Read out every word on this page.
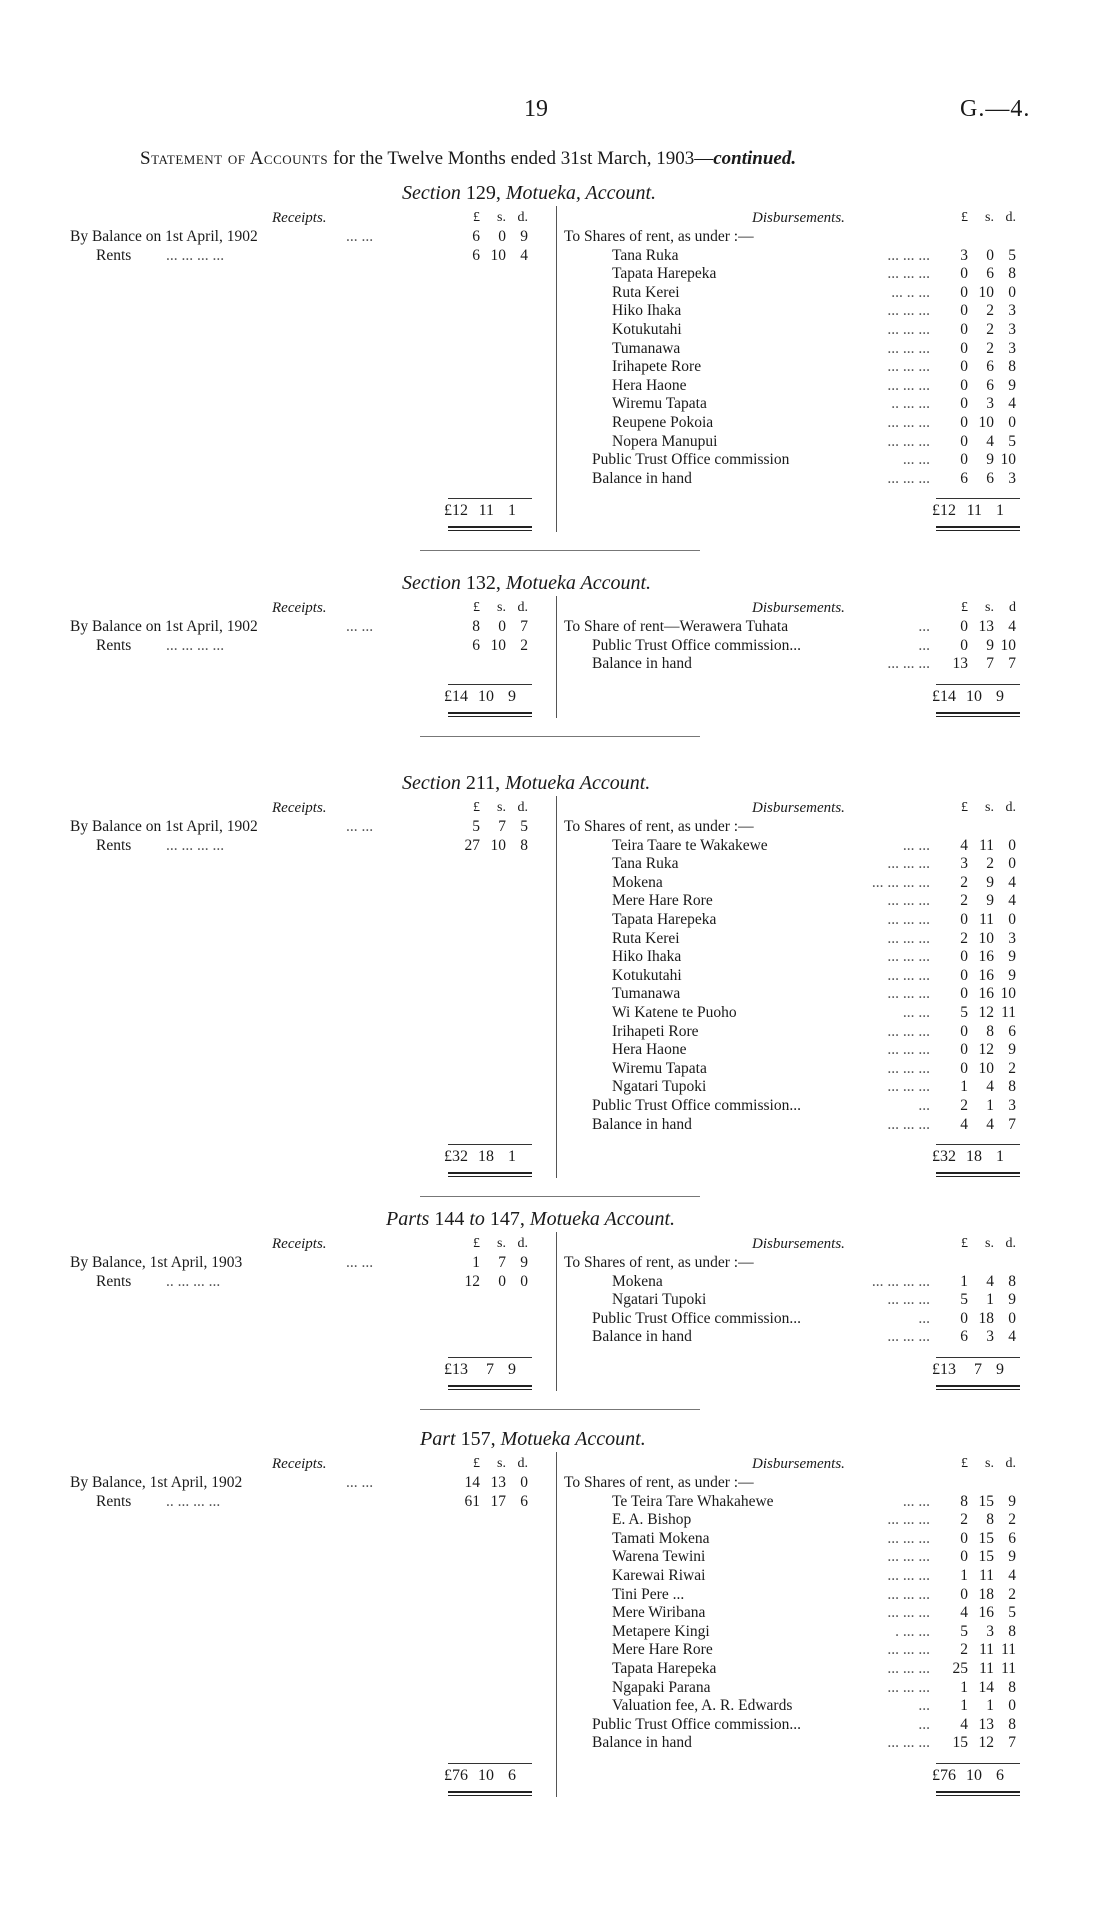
19	G.—4.
Statement of Accounts for the Twelve Months ended 31st March, 1903—continued.
Section 129, Motueka, Account.
Receipts.	Disbursements.
£ s. d.	£ s. d.
By Balance on 1st April, 1902	... ...	6 0 9
Rents ... ... ... ...	6 10 4
To Shares of rent, as under :—
Tana Ruka	... ... ...	3 0 5
Tapata Harepeka	... ... ...	0 6 8
Ruta Kerei	... .. ...	0 10 0
Hiko Ihaka	... ... ...	0 2 3
Kotukutahi	... ... ...	0 2 3
Tumanawa	... ... ...	0 2 3
Irihapete Rore	... ... ...	0 6 8
Hera Haone	... ... ...	0 6 9
Wiremu Tapata	.. ... ...	0 3 4
Reupene Pokoia	... ... ...	0 10 0
Nopera Manupui	... ... ...	0 4 5
Public Trust Office commission	... ...	0 9 10
Balance in hand	... ... ...	6 6 3
£12 11 1	£12 11 1
Section 132, Motueka Account.
Receipts.	Disbursements.
£ s. d.	£ s. d
By Balance on 1st April, 1902	... ...	8 0 7
Rents ... ... ... ...	6 10 2
To Share of rent—Werawera Tuhata	...	0 13 4
Public Trust Office commission...	...	0 9 10
Balance in hand	... ... ...	13 7 7
£14 10 9	£14 10 9
Section 211, Motueka Account.
Receipts.	Disbursements.
£ s. d.	£ s. d.
By Balance on 1st April, 1902	... ...	5 7 5
Rents ... ... ... ...	27 10 8
To Shares of rent, as under :—
Teira Taare te Wakakewe	... ...	4 11 0
Tana Ruka	... ... ...	3 2 0
Mokena	... ... ... ...	2 9 4
Mere Hare Rore	... ... ...	2 9 4
Tapata Harepeka	... ... ...	0 11 0
Ruta Kerei	... ... ...	2 10 3
Hiko Ihaka	... ... ...	0 16 9
Kotukutahi	... ... ...	0 16 9
Tumanawa	... ... ...	0 16 10
Wi Katene te Puoho	... ...	5 12 11
Irihapeti Rore	... ... ...	0 8 6
Hera Haone	... ... ...	0 12 9
Wiremu Tapata	... ... ...	0 10 2
Ngatari Tupoki	... ... ...	1 4 8
Public Trust Office commission...	...	2 1 3
Balance in hand	... ... ...	4 4 7
£32 18 1	£32 18 1
Parts 144 to 147, Motueka Account.
Receipts.	Disbursements.
£ s. d.	£ s. d.
By Balance, 1st April, 1903	... ...	1 7 9
Rents .. ... ... ...	12 0 0
To Shares of rent, as under :—
Mokena	... ... ... ...	1 4 8
Ngatari Tupoki	... ... ...	5 1 9
Public Trust Office commission...	...	0 18 0
Balance in hand	... ... ...	6 3 4
£13 7 9	£13 7 9
Part 157, Motueka Account.
Receipts.	Disbursements.
£ s. d.	£ s. d.
By Balance, 1st April, 1902	... ...	14 13 0
Rents .. ... ... ...	61 17 6
To Shares of rent, as under :—
Te Teira Tare Whakahewe	... ...	8 15 9
E. A. Bishop	... ... ...	2 8 2
Tamati Mokena	... ... ...	0 15 6
Warena Tewini	... ... ...	0 15 9
Karewai Riwai	... ... ...	1 11 4
Tini Pere ...	... ... ...	0 18 2
Mere Wiribana	... ... ...	4 16 5
Metapere Kingi	. ... ...	5 3 8
Mere Hare Rore	... ... ...	2 11 11
Tapata Harepeka	... ... ...	25 11 11
Ngapaki Parana	... ... ...	1 14 8
Valuation fee, A. R. Edwards	...	1 1 0
Public Trust Office commission...	...	4 13 8
Balance in hand	... ... ...	15 12 7
£76 10 6	£76 10 6
